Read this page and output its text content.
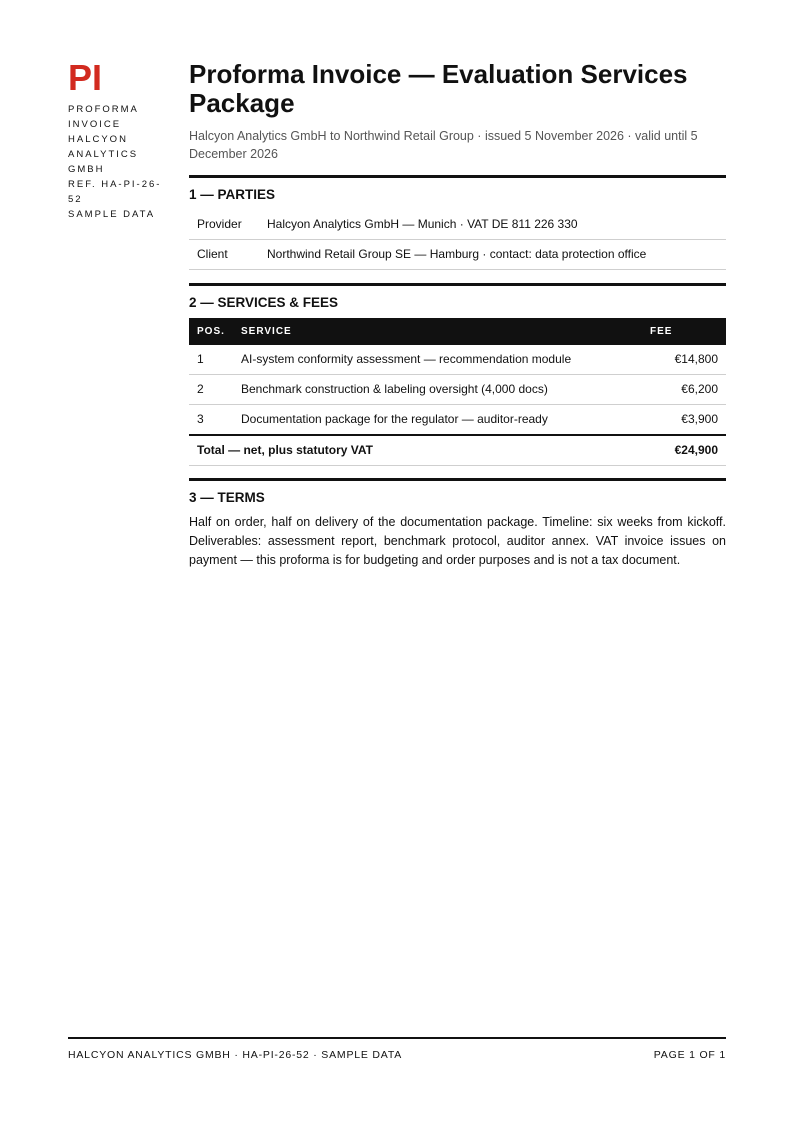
PI
PROFORMA
INVOICE
HALCYON
ANALYTICS
GMBH
REF. HA-PI-26-
52
SAMPLE DATA
Proforma Invoice — Evaluation Services Package
Halcyon Analytics GmbH to Northwind Retail Group · issued 5 November 2026 · valid until 5 December 2026
1 — PARTIES
Provider	Halcyon Analytics GmbH — Munich · VAT DE 811 226 330
Client	Northwind Retail Group SE — Hamburg · contact: data protection office
2 — SERVICES & FEES
POS.	SERVICE	FEE
1	AI-system conformity assessment — recommendation module	€14,800
2	Benchmark construction & labeling oversight (4,000 docs)	€6,200
3	Documentation package for the regulator — auditor-ready	€3,900
Total — net, plus statutory VAT		€24,900
3 — TERMS
Half on order, half on delivery of the documentation package. Timeline: six weeks from kickoff. Deliverables: assessment report, benchmark protocol, auditor annex. VAT invoice issues on payment — this proforma is for budgeting and order purposes and is not a tax document.
HALCYON ANALYTICS GMBH · HA-PI-26-52 · SAMPLE DATA	PAGE 1 OF 1
